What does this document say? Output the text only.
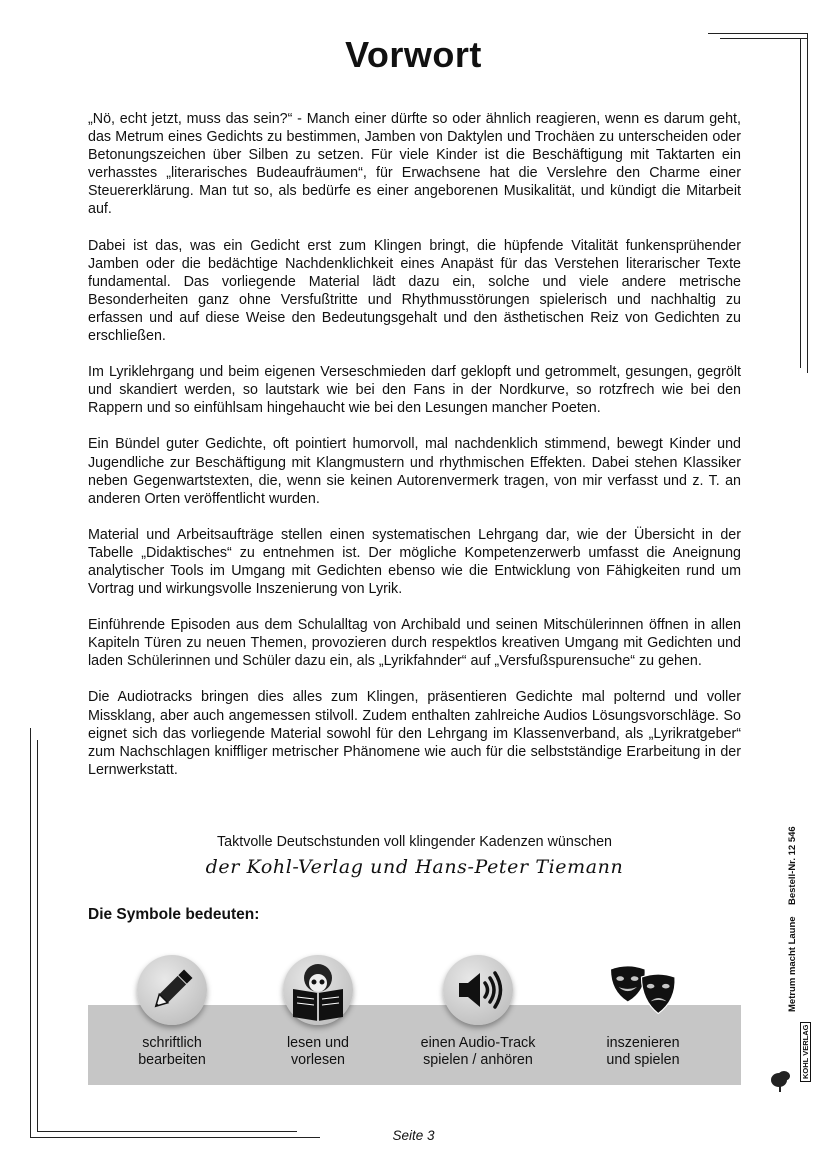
Vorwort

„Nö, echt jetzt, muss das sein?“ - Manch einer dürfte so oder ähnlich reagieren, wenn es darum geht, das Metrum eines Gedichts zu bestimmen, Jamben von Daktylen und Trochäen zu unterscheiden oder Betonungszeichen über Silben zu setzen. Für viele Kinder ist die Beschäftigung mit Taktarten ein verhasstes „literarisches Budeaufräumen“, für Erwachsene hat die Verslehre den Charme einer Steuererklärung. Man tut so, als bedürfe es einer angeborenen Musikalität, und kündigt die Mitarbeit auf.

Dabei ist das, was ein Gedicht erst zum Klingen bringt, die hüpfende Vitalität funkensprühender Jamben oder die bedächtige Nachdenklichkeit eines Anapäst für das Verstehen literarischer Texte fundamental. Das vorliegende Material lädt dazu ein, solche und viele andere metrische Besonderheiten ganz ohne Versfußtritte und Rhythmusstörungen spielerisch und nachhaltig zu erfassen und auf diese Weise den Bedeutungsgehalt und den ästhetischen Reiz von Gedichten zu erschließen.

Im Lyriklehrgang und beim eigenen Verseschmieden darf geklopft und getrommelt, gesungen, gegrölt und skandiert werden, so lautstark wie bei den Fans in der Nordkurve, so rotzfrech wie bei den Rappern und so einfühlsam hingehaucht wie bei den Lesungen mancher Poeten.

Ein Bündel guter Gedichte, oft pointiert humorvoll, mal nachdenklich stimmend, bewegt Kinder und Jugendliche zur Beschäftigung mit Klangmustern und rhythmischen Effekten. Dabei stehen Klassiker neben Gegenwartstexten, die, wenn sie keinen Autorenvermerk tragen, von mir verfasst und z. T. an anderen Orten veröffentlicht wurden.

Material und Arbeitsaufträge stellen einen systematischen Lehrgang dar, wie der Übersicht in der Tabelle „Didaktisches“ zu entnehmen ist. Der mögliche Kompetenzerwerb umfasst die Aneignung analytischer Tools im Umgang mit Gedichten ebenso wie die Entwicklung von Fähigkeiten rund um Vortrag und wirkungsvolle Inszenierung von Lyrik.

Einführende Episoden aus dem Schulalltag von Archibald und seinen Mitschülerinnen öffnen in allen Kapiteln Türen zu neuen Themen, provozieren durch respektlos kreativen Umgang mit Gedichten und laden Schülerinnen und Schüler dazu ein, als „Lyrikfahnder“ auf „Versfußspurensuche“ zu gehen.

Die Audiotracks bringen dies alles zum Klingen, präsentieren Gedichte mal polternd und voller Missklang, aber auch angemessen stilvoll. Zudem enthalten zahlreiche Audios Lösungsvorschläge. So eignet sich das vorliegende Material sowohl für den Lehrgang im Klassenverband, als „Lyrikratgeber“ zum Nachschlagen kniffliger metrischer Phänomene wie auch für die selbstständige Erarbeitung in der Lernwerkstatt.

Taktvolle Deutschstunden voll klingender Kadenzen wünschen
der Kohl-Verlag und Hans-Peter Tiemann
Die Symbole bedeuten:
schriftlich
bearbeiten
lesen und
vorlesen
einen Audio-Track
spielen / anhören
inszenieren
und spielen
Bestell-Nr. 12 546
Metrum macht Laune
KOHL VERLAG
Seite 3
